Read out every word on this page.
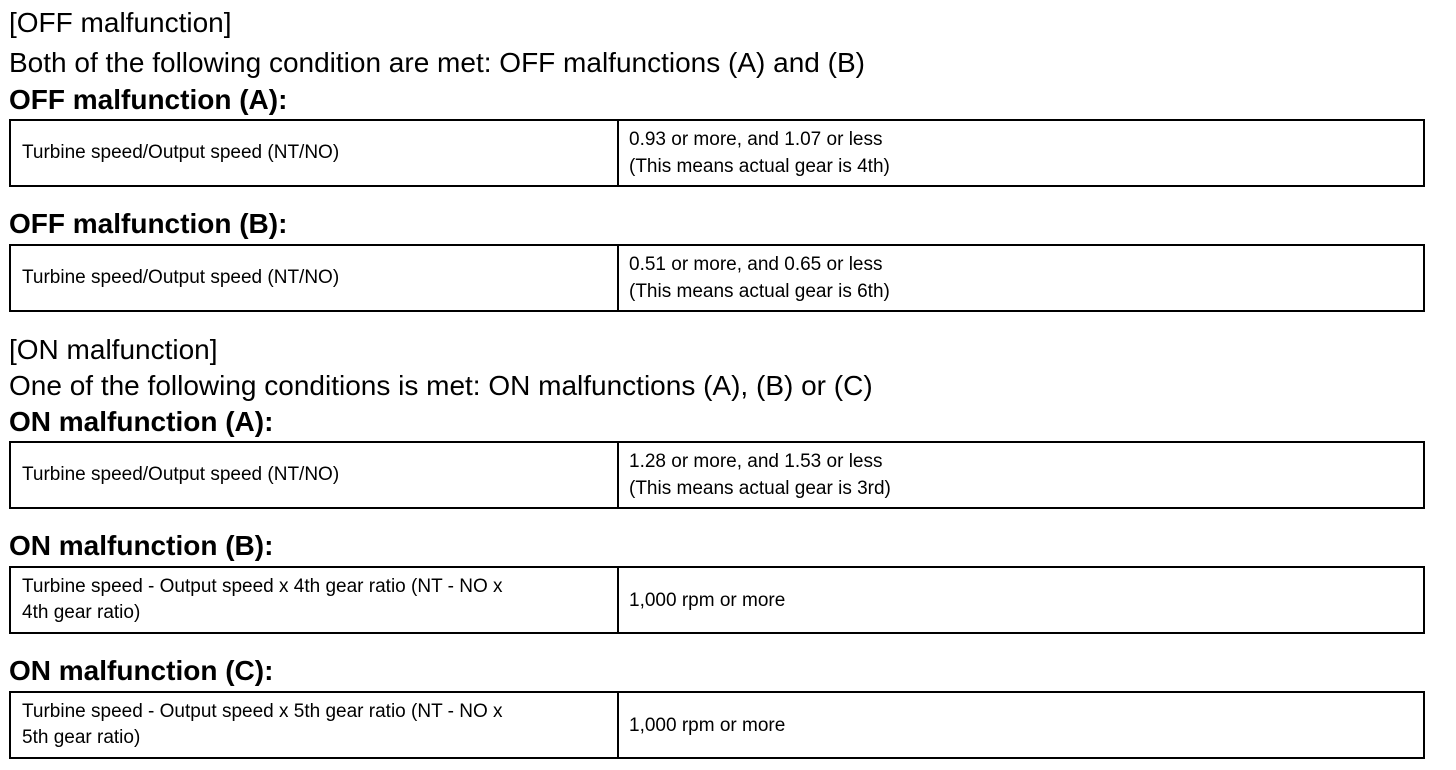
[OFF malfunction]
Both of the following condition are met: OFF malfunctions (A) and (B)
OFF malfunction (A):
Turbine speed/Output speed (NT/NO)
0.93 or more, and 1.07 or less
(This means actual gear is 4th)
OFF malfunction (B):
Turbine speed/Output speed (NT/NO)
0.51 or more, and 0.65 or less
(This means actual gear is 6th)
[ON malfunction]
One of the following conditions is met: ON malfunctions (A), (B) or (C)
ON malfunction (A):
Turbine speed/Output speed (NT/NO)
1.28 or more, and 1.53 or less
(This means actual gear is 3rd)
ON malfunction (B):
Turbine speed - Output speed x 4th gear ratio (NT - NO x
4th gear ratio)
1,000 rpm or more
ON malfunction (C):
Turbine speed - Output speed x 5th gear ratio (NT - NO x
5th gear ratio)
1,000 rpm or more
